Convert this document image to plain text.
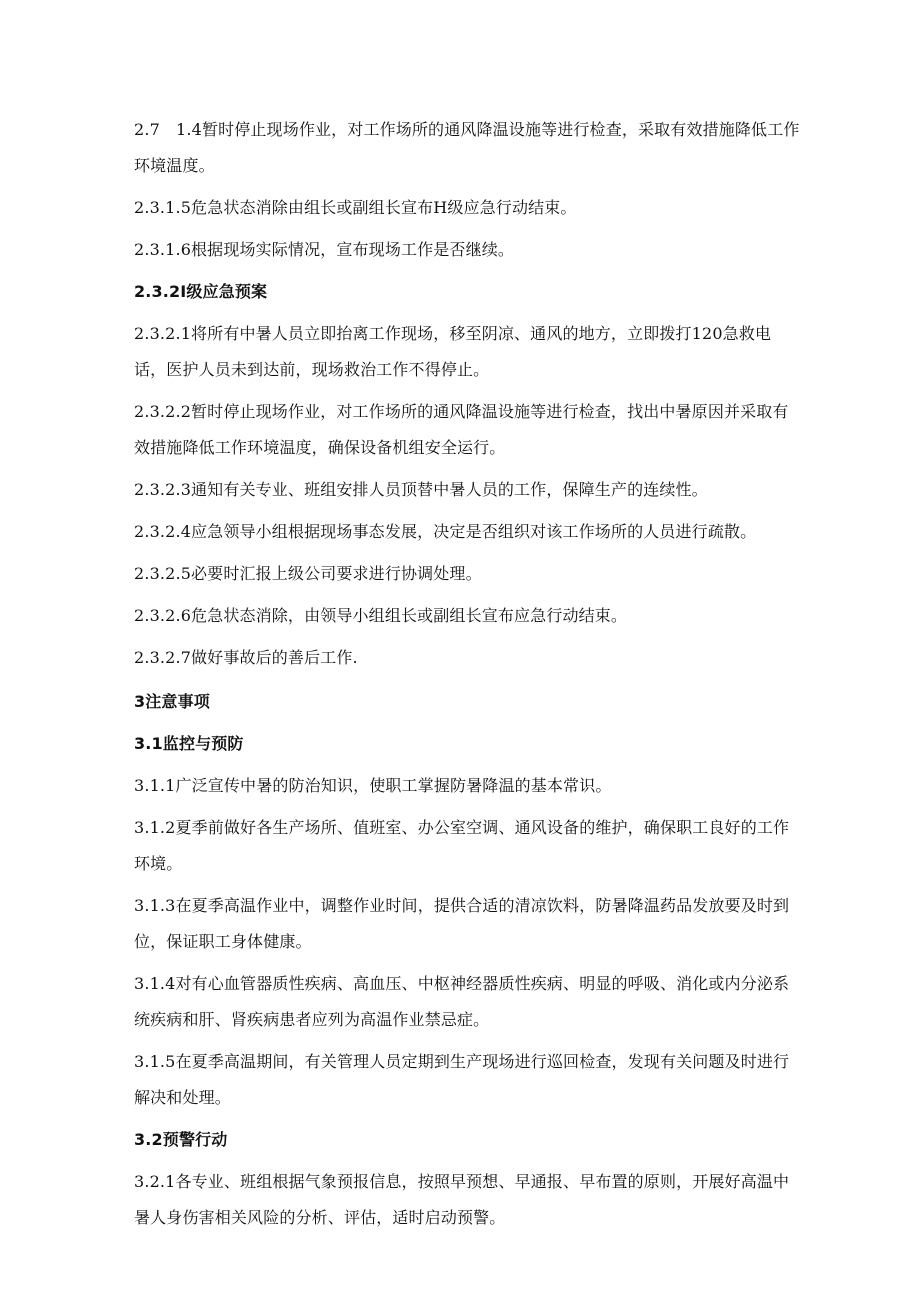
2.7　1.4暂时停止现场作业，对工作场所的通风降温设施等进行检查，采取有效措施降低工作环境温度。

2.3.1.5危急状态消除由组长或副组长宣布H级应急行动结束。

2.3.1.6根据现场实际情况，宣布现场工作是否继续。

2.3.2I级应急预案

2.3.2.1将所有中暑人员立即抬离工作现场，移至阴凉、通风的地方，立即拨打120急救电话，医护人员未到达前，现场救治工作不得停止。

2.3.2.2暂时停止现场作业，对工作场所的通风降温设施等进行检查，找出中暑原因并采取有效措施降低工作环境温度，确保设备机组安全运行。

2.3.2.3通知有关专业、班组安排人员顶替中暑人员的工作，保障生产的连续性。

2.3.2.4应急领导小组根据现场事态发展，决定是否组织对该工作场所的人员进行疏散。

2.3.2.5必要时汇报上级公司要求进行协调处理。

2.3.2.6危急状态消除，由领导小组组长或副组长宣布应急行动结束。

2.3.2.7做好事故后的善后工作.

3注意事项

3.1监控与预防

3.1.1广泛宣传中暑的防治知识，使职工掌握防暑降温的基本常识。

3.1.2夏季前做好各生产场所、值班室、办公室空调、通风设备的维护，确保职工良好的工作环境。

3.1.3在夏季高温作业中，调整作业时间，提供合适的清凉饮料，防暑降温药品发放要及时到位，保证职工身体健康。

3.1.4对有心血管器质性疾病、高血压、中枢神经器质性疾病、明显的呼吸、消化或内分泌系统疾病和肝、肾疾病患者应列为高温作业禁忌症。

3.1.5在夏季高温期间，有关管理人员定期到生产现场进行巡回检查，发现有关问题及时进行解决和处理。

3.2预警行动

3.2.1各专业、班组根据气象预报信息，按照早预想、早通报、早布置的原则，开展好高温中暑人身伤害相关风险的分析、评估，适时启动预警。
